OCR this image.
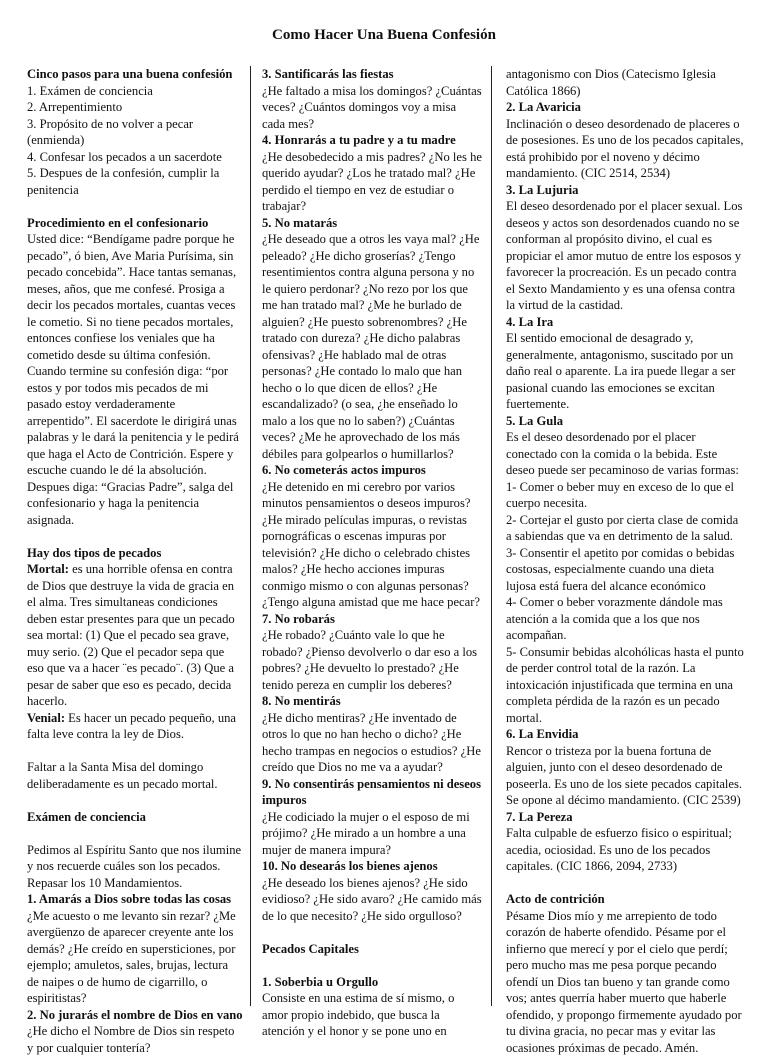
Como Hacer Una Buena Confesión

Cinco pasos para una buena confesión

1. Exámen de conciencia

2. Arrepentimiento

3. Propósito de no volver a pecar (enmienda)

4. Confesar los pecados a un sacerdote

5. Despues de la confesión, cumplir la penitencia

Procedimiento en el confesionario

Usted dice: “Bendígame padre porque he pecado”, ó bien, Ave Maria Purísima, sin pecado concebida”. Hace tantas semanas, meses, años, que me confesé. Prosiga a decir los pecados mortales, cuantas veces le cometio. Si no tiene pecados mortales, entonces confiese los veniales que ha cometido desde su última confesión. Cuando termine su confesión diga: “por estos y por todos mis pecados de mi pasado estoy verdaderamente arrepentido”. El sacerdote le dirigirá unas palabras y le dará la penitencia y le pedirá que haga el Acto de Contrición. Espere y escuche cuando le dé la absolución. Despues diga: “Gracias Padre”, salga del confesionario y haga la penitencia asignada.

Hay dos tipos de pecados

Mortal: es una horrible ofensa en contra de Dios que destruye la vida de gracia en el alma. Tres simultaneas condiciones deben estar presentes para que un pecado sea mortal: (1) Que el pecado sea grave, muy serio. (2) Que el pecador sepa que eso que va a hacer ¨es pecado¨. (3) Que a pesar de saber que eso es pecado, decida hacerlo.

Venial: Es hacer un pecado pequeño, una falta leve contra la ley de Dios.

Faltar a la Santa Misa del domingo deliberadamente es un pecado mortal.

Exámen de conciencia

Pedimos al Espíritu Santo que nos ilumine y nos recuerde cuáles son los pecados. Repasar los 10 Mandamientos.

1. Amarás a Dios sobre todas las cosas

¿Me acuesto o me levanto sin rezar? ¿Me avergüenzo de aparecer creyente ante los demás? ¿He creído en supersticiones, por ejemplo; amuletos, sales, brujas, lectura de naipes o de humo de cigarrillo, o espiritistas?

2. No jurarás el nombre de Dios en vano

¿He dicho el Nombre de Dios sin respeto y por cualquier tontería?

3. Santificarás las fiestas

¿He faltado a misa los domingos? ¿Cuántas veces? ¿Cuántos domingos voy a misa cada mes?

4. Honrarás a tu padre y a tu madre

¿He desobedecido a mis padres? ¿No les he querido ayudar? ¿Los he tratado mal? ¿He perdido el tiempo en vez de estudiar o trabajar?

5. No matarás

¿He deseado que a otros les vaya mal? ¿He peleado? ¿He dicho groserías? ¿Tengo resentimientos contra alguna persona y no le quiero perdonar? ¿No rezo por los que me han tratado mal? ¿Me he burlado de alguien? ¿He puesto sobrenombres? ¿He tratado con dureza? ¿He dicho palabras ofensivas? ¿He hablado mal de otras personas? ¿He contado lo malo que han hecho o lo que dicen de ellos? ¿He escandalizado? (o sea, ¿he enseñado lo malo a los que no lo saben?) ¿Cuántas veces? ¿Me he aprovechado de los más débiles para golpearlos o humillarlos?

6. No cometerás actos impuros

¿He detenido en mi cerebro por varios minutos pensamientos o deseos impuros? ¿He mirado películas impuras, o revistas pornográficas o escenas impuras por televisión? ¿He dicho o celebrado chistes malos? ¿He hecho acciones impuras conmigo mismo o con algunas personas? ¿Tengo alguna amistad que me hace pecar?

7. No robarás

¿He robado? ¿Cuánto vale lo que he robado? ¿Pienso devolverlo o dar eso a los pobres? ¿He devuelto lo prestado? ¿He tenido pereza en cumplir los deberes?

8. No mentirás

¿He dicho mentiras? ¿He inventado de otros lo que no han hecho o dicho? ¿He hecho trampas en negocios o estudios? ¿He creído que Dios no me va a ayudar?

9. No consentirás pensamientos ni deseos impuros

¿He codiciado la mujer o el esposo de mi prójimo? ¿He mirado a un hombre a una mujer de manera impura?

10. No desearás los bienes ajenos

¿He deseado los bienes ajenos? ¿He sido evidioso? ¿He sido avaro? ¿He camido más de lo que necesito? ¿He sido orgulloso?

Pecados Capitales

1. Soberbia u Orgullo

Consiste en una estima de sí mismo, o amor propio indebido, que busca la atención y el honor y se pone uno en

antagonismo con Dios (Catecismo Iglesia Católica 1866)

2. La Avaricia

Inclinación o deseo desordenado de placeres o de posesiones. Es uno de los pecados capitales, está prohibido por el noveno y décimo mandamiento. (CIC 2514, 2534)

3. La Lujuria

El deseo desordenado por el placer sexual. Los deseos y actos son desordenados cuando no se conforman al propósito divino, el cual es propiciar el amor mutuo de entre los esposos y favorecer la procreación. Es un pecado contra el Sexto Mandamiento y es una ofensa contra la virtud de la castidad.

4. La Ira

El sentido emocional de desagrado y, generalmente, antagonismo, suscitado por un daño real o aparente. La ira puede llegar a ser pasional cuando las emociones se excitan fuertemente.

5. La Gula

Es el deseo desordenado por el placer conectado con la comida o la bebida. Este deseo puede ser pecaminoso de varias formas:

1- Comer o beber muy en exceso de lo que el cuerpo necesita.

2- Cortejar el gusto por cierta clase de comida a sabiendas que va en detrimento de la salud.

3- Consentir el apetito por comidas o bebidas costosas, especialmente cuando una dieta lujosa está fuera del alcance económico

4- Comer o beber vorazmente dándole mas atención a la comida que a los que nos acompañan.

5- Consumir bebidas alcohólicas hasta el punto de perder control total de la razón. La intoxicación injustificada que termina en una completa pérdida de la razón es un pecado mortal.

6. La Envidia

Rencor o tristeza por la buena fortuna de alguien, junto con el deseo desordenado de poseerla. Es uno de los siete pecados capitales. Se opone al décimo mandamiento. (CIC 2539)

7. La Pereza

Falta culpable de esfuerzo fisico o espiritual; acedia, ociosidad. Es uno de los pecados capitales. (CIC 1866, 2094, 2733)

Acto de contrición

Pésame Dios mío y me arrepiento de todo corazón de haberte ofendido. Pésame por el infierno que merecí y por el cielo que perdí; pero mucho mas me pesa porque pecando ofendí un Dios tan bueno y tan grande como vos; antes querría haber muerto que haberle ofendido, y propongo firmemente ayudado por tu divina gracia, no pecar mas y evitar las ocasiones próximas de pecado. Amén.
